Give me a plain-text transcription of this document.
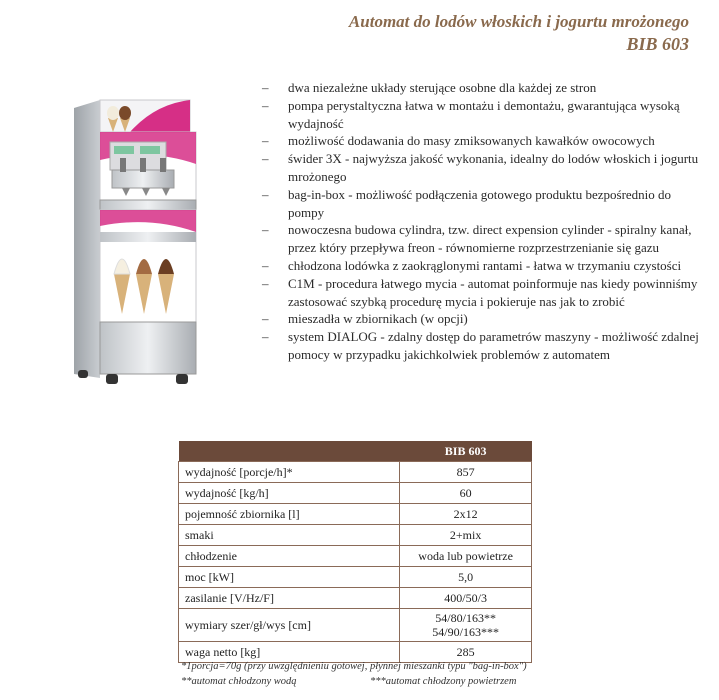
Automat do lodów włoskich i jogurtu mrożonego
BIB 603
– dwa niezależne układy sterujące osobne dla każdej ze stron
– pompa perystaltyczna łatwa w montażu i demontażu, gwarantująca wysoką wydajność
– możliwość dodawania do masy zmiksowanych kawałków owocowych
– świder 3X - najwyższa jakość wykonania, idealny do lodów włoskich i jogurtu mrożonego
– bag-in-box - możliwość podłączenia gotowego produktu bezpośrednio do pompy
– nowoczesna budowa cylindra, tzw. direct expension cylinder - spiralny kanał, przez który przepływa freon - równomierne rozprzestrzenianie się gazu
– chłodzona lodówka z zaokrąglonymi rantami - łatwa w trzymaniu czystości
– C1M - procedura łatwego mycia - automat poinformuje nas kiedy powinniśmy zastosować szybką procedurę mycia i pokieruje nas jak to zrobić
– mieszadła w zbiornikach (w opcji)
– system DIALOG - zdalny dostęp do parametrów maszyny - możliwość zdalnej pomocy w przypadku jakichkolwiek problemów z automatem
	BIB 603
wydajność [porcje/h]*	857
wydajność [kg/h]	60
pojemność zbiornika [l]	2x12
smaki	2+mix
chłodzenie	woda lub powietrze
moc [kW]	5,0
zasilanie [V/Hz/F]	400/50/3
wymiary szer/gł/wys [cm]	54/80/163**
54/90/163***

waga netto [kg]	285
*1porcja=70g (przy uwzględnieniu gotowej, płynnej mieszanki typu "bag-in-box")
**automat chłodzony wodą	***automat chłodzony powietrzem
